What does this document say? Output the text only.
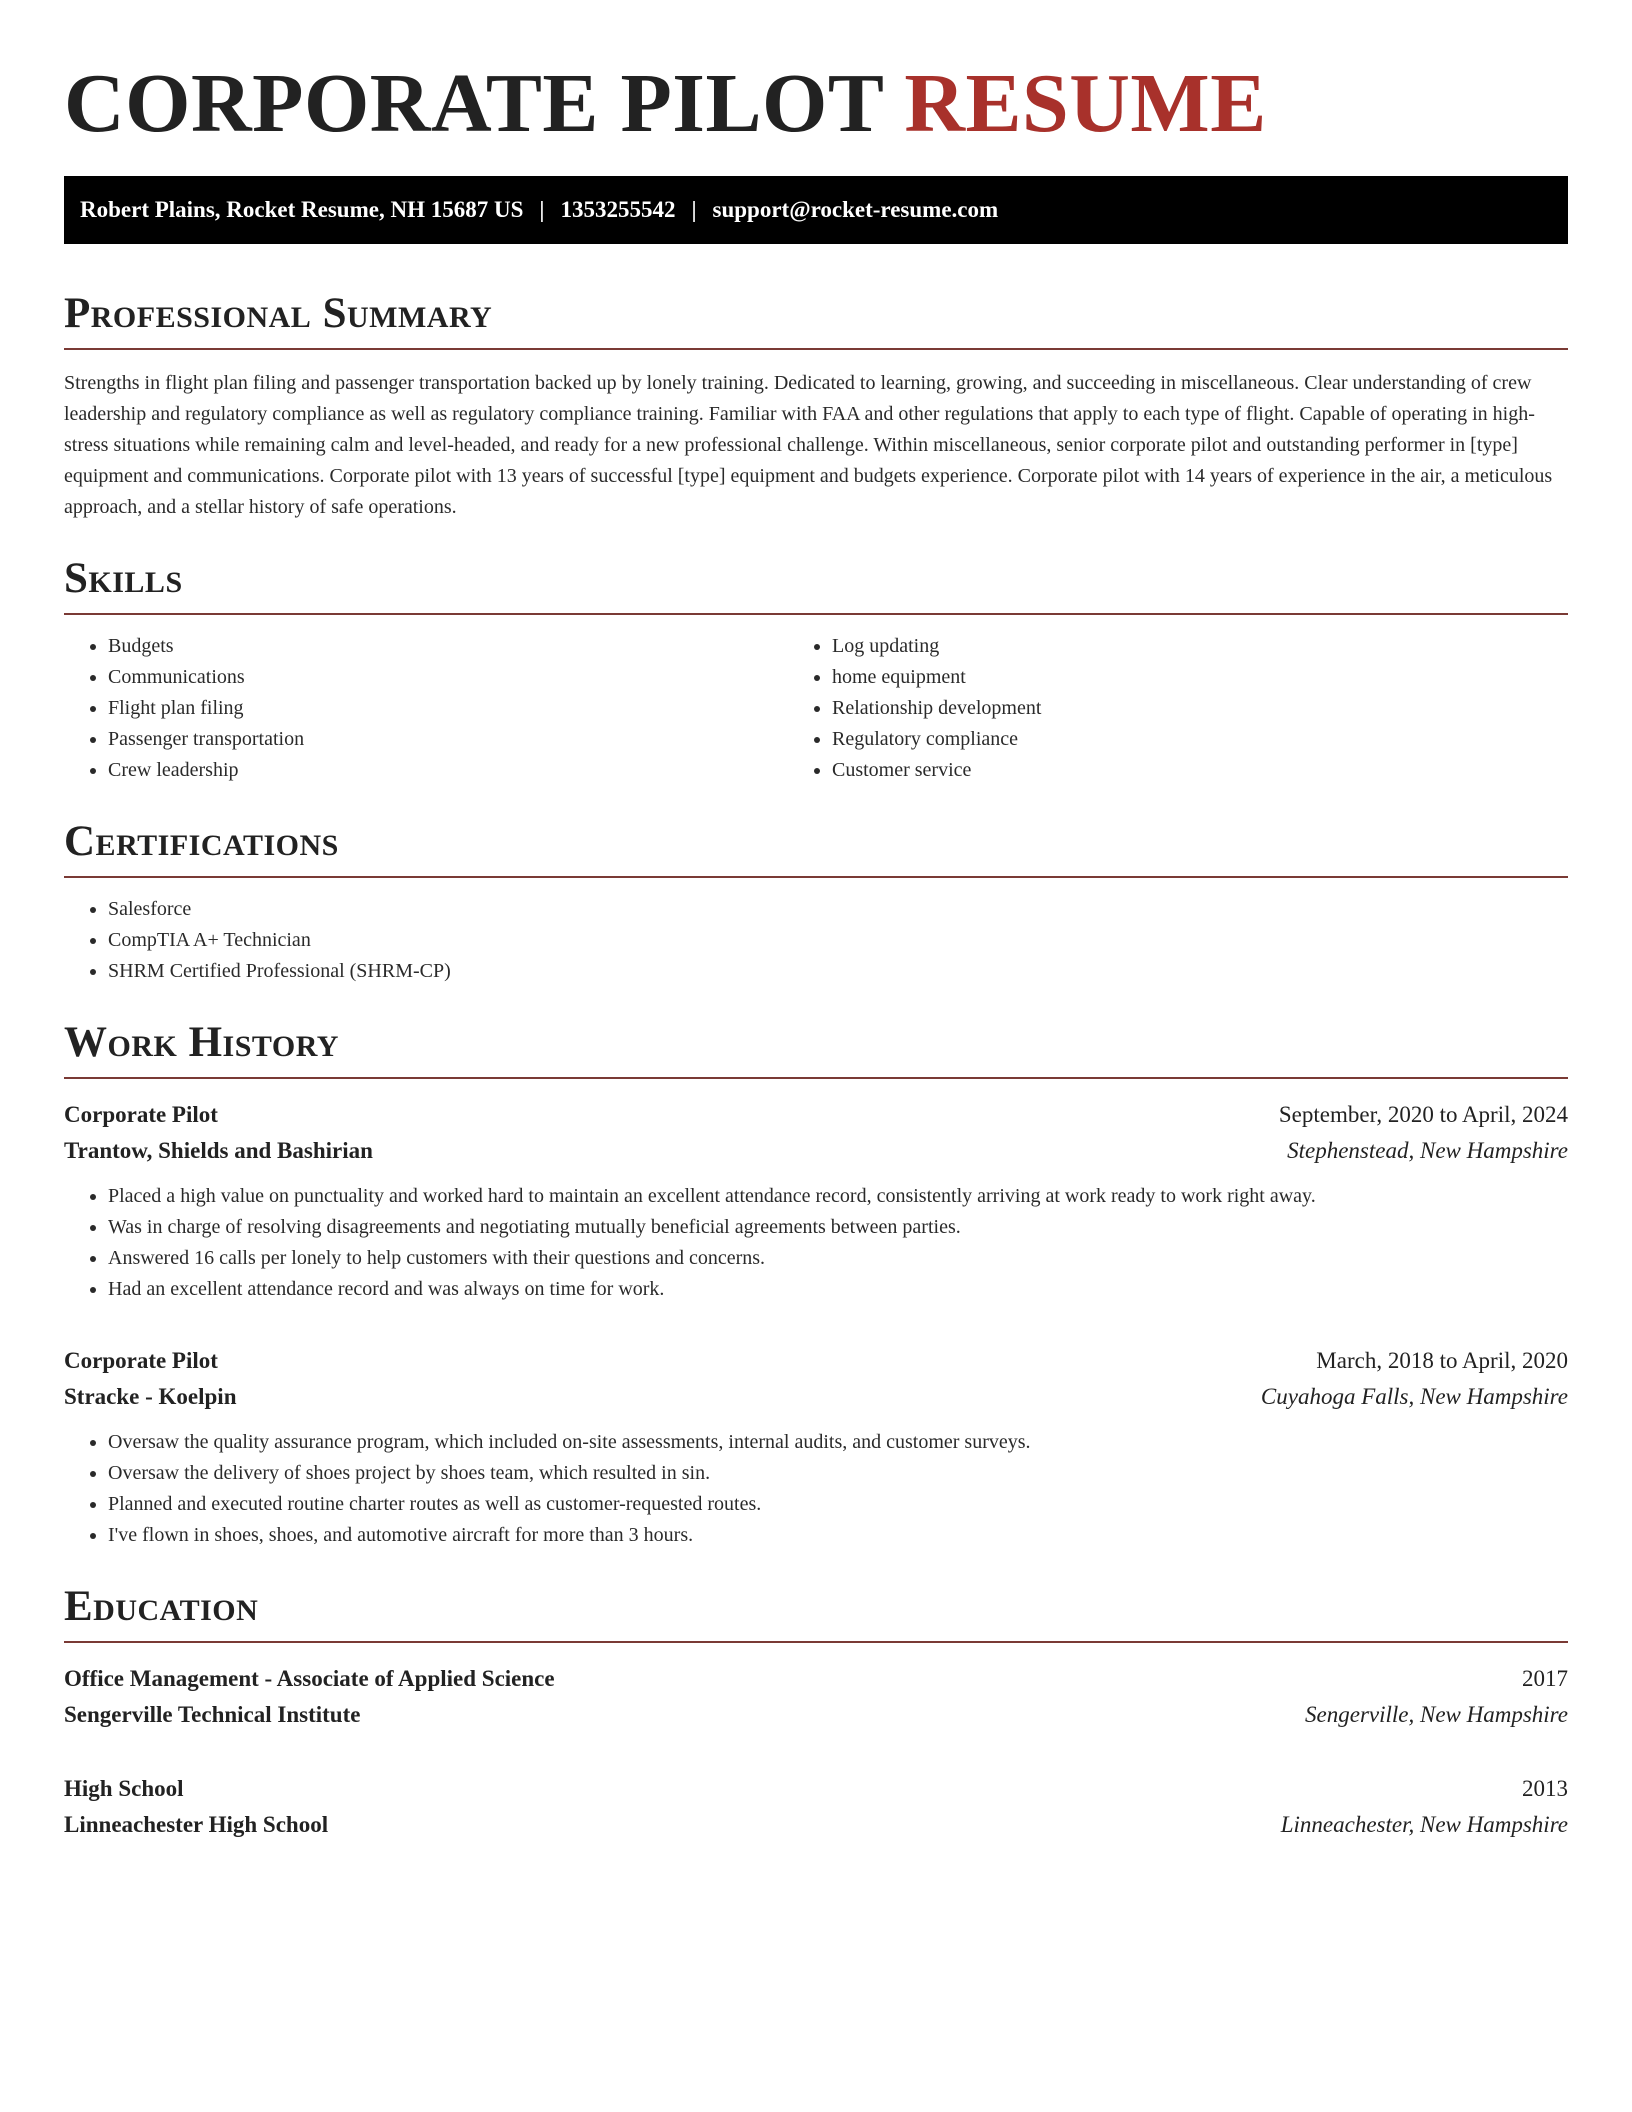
CORPORATE PILOT RESUME
Robert Plains, Rocket Resume, NH 15687 US | 1353255542 | support@rocket-resume.com
Professional Summary

Strengths in flight plan filing and passenger transportation backed up by lonely training. Dedicated to learning, growing, and succeeding in miscellaneous. Clear understanding of crew leadership and regulatory compliance as well as regulatory compliance training. Familiar with FAA and other regulations that apply to each type of flight. Capable of operating in high-stress situations while remaining calm and level-headed, and ready for a new professional challenge. Within miscellaneous, senior corporate pilot and outstanding performer in [type] equipment and communications. Corporate pilot with 13 years of successful [type] equipment and budgets experience. Corporate pilot with 14 years of experience in the air, a meticulous approach, and a stellar history of safe operations.

Skills
• Budgets
• Communications
• Flight plan filing
• Passenger transportation
• Crew leadership
• Log updating
• home equipment
• Relationship development
• Regulatory compliance
• Customer service
Certifications
• Salesforce
• CompTIA A+ Technician
• SHRM Certified Professional (SHRM-CP)
Work History
Corporate Pilot	September, 2020 to April, 2024
Trantow, Shields and Bashirian	Stephenstead, New Hampshire
• Placed a high value on punctuality and worked hard to maintain an excellent attendance record, consistently arriving at work ready to work right away.
• Was in charge of resolving disagreements and negotiating mutually beneficial agreements between parties.
• Answered 16 calls per lonely to help customers with their questions and concerns.
• Had an excellent attendance record and was always on time for work.
Corporate Pilot	March, 2018 to April, 2020
Stracke - Koelpin	Cuyahoga Falls, New Hampshire
• Oversaw the quality assurance program, which included on-site assessments, internal audits, and customer surveys.
• Oversaw the delivery of shoes project by shoes team, which resulted in sin.
• Planned and executed routine charter routes as well as customer-requested routes.
• I've flown in shoes, shoes, and automotive aircraft for more than 3 hours.
Education
Office Management - Associate of Applied Science	2017
Sengerville Technical Institute	Sengerville, New Hampshire
High School	2013
Linneachester High School	Linneachester, New Hampshire
